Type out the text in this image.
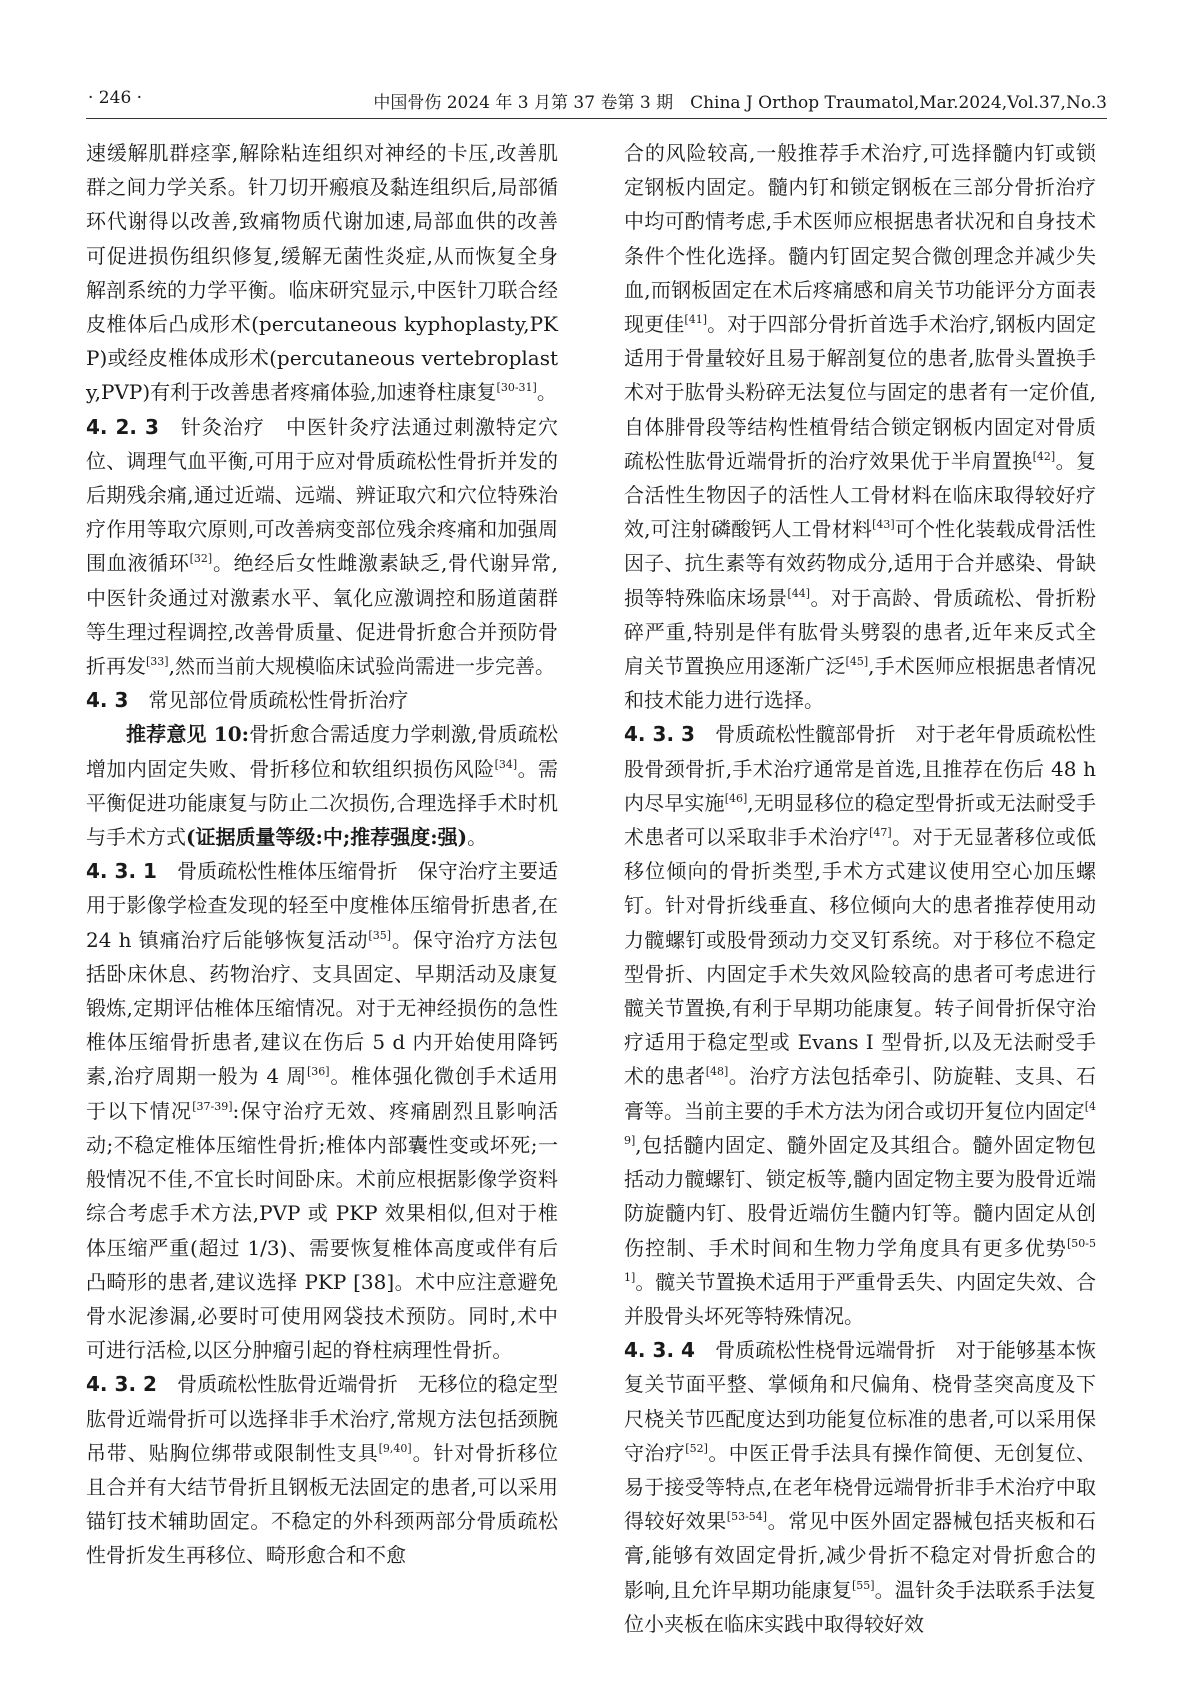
· 246 ·	中国骨伤 2024 年 3 月第 37 卷第 3 期　China J Orthop Traumatol,Mar.2024,Vol.37,No.3

速缓解肌群痉挛,解除粘连组织对神经的卡压,改善肌群之间力学关系。针刀切开瘢痕及黏连组织后,局部循环代谢得以改善,致痛物质代谢加速,局部血供的改善可促进损伤组织修复,缓解无菌性炎症,从而恢复全身解剖系统的力学平衡。临床研究显示,中医针刀联合经皮椎体后凸成形术(percutaneous kyphoplasty,PKP)或经皮椎体成形术(percutaneous vertebroplasty,PVP)有利于改善患者疼痛体验,加速脊柱康复[30-31]。

4. 2. 3　 针灸治疗　 中医针灸疗法通过刺激特定穴位、调理气血平衡,可用于应对骨质疏松性骨折并发的后期残余痛,通过近端、远端、辨证取穴和穴位特殊治疗作用等取穴原则,可改善病变部位残余疼痛和加强周围血液循环[32]。绝经后女性雌激素缺乏,骨代谢异常,中医针灸通过对激素水平、氧化应激调控和肠道菌群等生理过程调控,改善骨质量、促进骨折愈合并预防骨折再发[33],然而当前大规模临床试验尚需进一步完善。

4. 3　 常见部位骨质疏松性骨折治疗

推荐意见 10:骨折愈合需适度力学刺激,骨质疏松增加内固定失败、骨折移位和软组织损伤风险[34]。需平衡促进功能康复与防止二次损伤,合理选择手术时机与手术方式(证据质量等级:中;推荐强度:强)。

4. 3. 1　 骨质疏松性椎体压缩骨折　 保守治疗主要适用于影像学检查发现的轻至中度椎体压缩骨折患者,在 24 h 镇痛治疗后能够恢复活动[35]。保守治疗方法包括卧床休息、药物治疗、支具固定、早期活动及康复锻炼,定期评估椎体压缩情况。对于无神经损伤的急性椎体压缩骨折患者,建议在伤后 5 d 内开始使用降钙素,治疗周期一般为 4 周[36]。椎体强化微创手术适用于以下情况[37-39]:保守治疗无效、疼痛剧烈且影响活动;不稳定椎体压缩性骨折;椎体内部囊性变或坏死;一般情况不佳,不宜长时间卧床。术前应根据影像学资料综合考虑手术方法,PVP 或 PKP 效果相似,但对于椎体压缩严重(超过 1/3)、需要恢复椎体高度或伴有后凸畸形的患者,建议选择 PKP [38]。术中应注意避免骨水泥渗漏,必要时可使用网袋技术预防。同时,术中可进行活检,以区分肿瘤引起的脊柱病理性骨折。

4. 3. 2　 骨质疏松性肱骨近端骨折　 无移位的稳定型肱骨近端骨折可以选择非手术治疗,常规方法包括颈腕吊带、贴胸位绑带或限制性支具[9,40]。针对骨折移位且合并有大结节骨折且钢板无法固定的患者,可以采用锚钉技术辅助固定。不稳定的外科颈两部分骨质疏松性骨折发生再移位、畸形愈合和不愈

合的风险较高,一般推荐手术治疗,可选择髓内钉或锁定钢板内固定。髓内钉和锁定钢板在三部分骨折治疗中均可酌情考虑,手术医师应根据患者状况和自身技术条件个性化选择。髓内钉固定契合微创理念并减少失血,而钢板固定在术后疼痛感和肩关节功能评分方面表现更佳[41]。对于四部分骨折首选手术治疗,钢板内固定适用于骨量较好且易于解剖复位的患者,肱骨头置换手术对于肱骨头粉碎无法复位与固定的患者有一定价值,自体腓骨段等结构性植骨结合锁定钢板内固定对骨质疏松性肱骨近端骨折的治疗效果优于半肩置换[42]。复合活性生物因子的活性人工骨材料在临床取得较好疗效,可注射磷酸钙人工骨材料[43]可个性化装载成骨活性因子、抗生素等有效药物成分,适用于合并感染、骨缺损等特殊临床场景[44]。对于高龄、骨质疏松、骨折粉碎严重,特别是伴有肱骨头劈裂的患者,近年来反式全肩关节置换应用逐渐广泛[45],手术医师应根据患者情况和技术能力进行选择。

4. 3. 3　 骨质疏松性髋部骨折　 对于老年骨质疏松性股骨颈骨折,手术治疗通常是首选,且推荐在伤后 48 h 内尽早实施[46],无明显移位的稳定型骨折或无法耐受手术患者可以采取非手术治疗[47]。对于无显著移位或低移位倾向的骨折类型,手术方式建议使用空心加压螺钉。针对骨折线垂直、移位倾向大的患者推荐使用动力髋螺钉或股骨颈动力交叉钉系统。对于移位不稳定型骨折、内固定手术失效风险较高的患者可考虑进行髋关节置换,有利于早期功能康复。转子间骨折保守治疗适用于稳定型或 Evans Ⅰ 型骨折,以及无法耐受手术的患者[48]。治疗方法包括牵引、防旋鞋、支具、石膏等。当前主要的手术方法为闭合或切开复位内固定[49],包括髓内固定、髓外固定及其组合。髓外固定物包括动力髋螺钉、锁定板等,髓内固定物主要为股骨近端防旋髓内钉、股骨近端仿生髓内钉等。髓内固定从创伤控制、手术时间和生物力学角度具有更多优势[50-51]。髋关节置换术适用于严重骨丢失、内固定失效、合并股骨头坏死等特殊情况。

4. 3. 4　 骨质疏松性桡骨远端骨折　 对于能够基本恢复关节面平整、掌倾角和尺偏角、桡骨茎突高度及下尺桡关节匹配度达到功能复位标准的患者,可以采用保守治疗[52]。中医正骨手法具有操作简便、无创复位、易于接受等特点,在老年桡骨远端骨折非手术治疗中取得较好效果[53-54]。常见中医外固定器械包括夹板和石膏,能够有效固定骨折,减少骨折不稳定对骨折愈合的影响,且允许早期功能康复[55]。温针灸手法联系手法复位小夹板在临床实践中取得较好效
